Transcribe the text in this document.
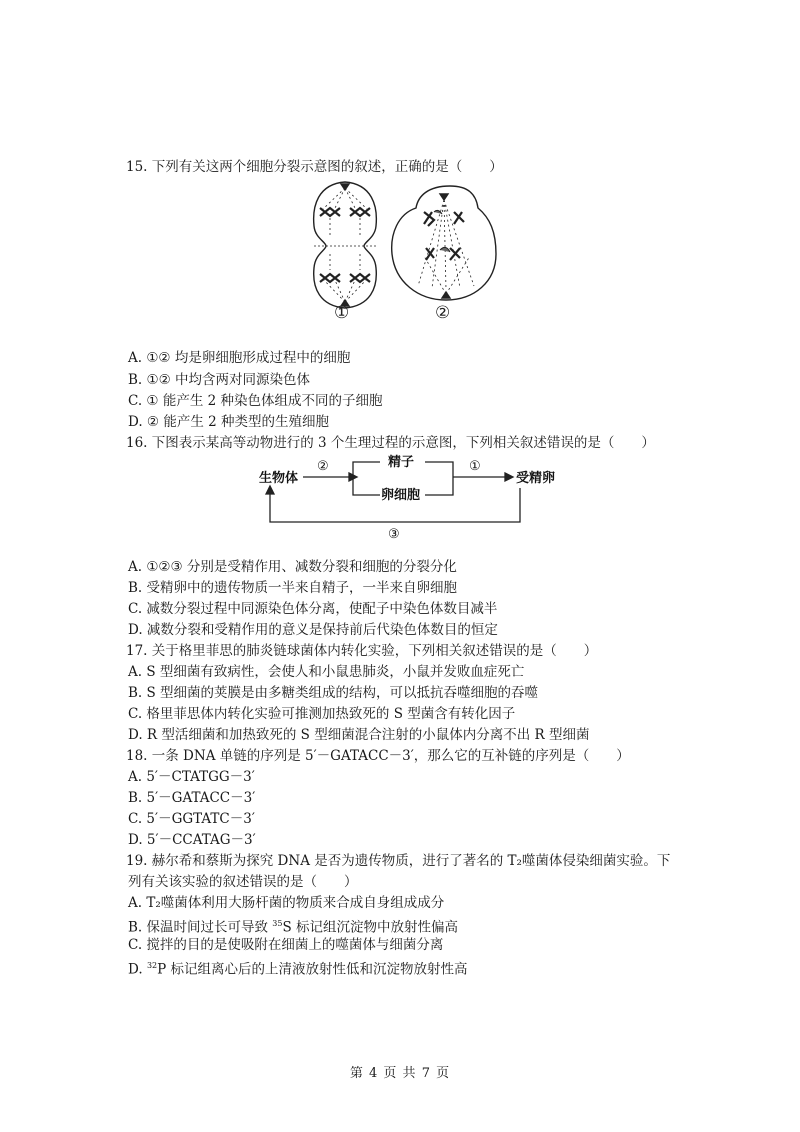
15. 下列有关这两个细胞分裂示意图的叙述，正确的是（　　）
①	②
A. ①② 均是卵细胞形成过程中的细胞
B. ①② 中均含两对同源染色体
C. ① 能产生 2 种染色体组成不同的子细胞
D. ② 能产生 2 种类型的生殖细胞
16. 下图表示某高等动物进行的 3 个生理过程的示意图，下列相关叙述错误的是（　　）
生物体
②	精子
卵细胞
①
受精卵
③
A. ①②③ 分别是受精作用、减数分裂和细胞的分裂分化
B. 受精卵中的遗传物质一半来自精子，一半来自卵细胞
C. 减数分裂过程中同源染色体分离，使配子中染色体数目减半
D. 减数分裂和受精作用的意义是保持前后代染色体数目的恒定
17. 关于格里菲思的肺炎链球菌体内转化实验，下列相关叙述错误的是（　　）
A. S 型细菌有致病性，会使人和小鼠患肺炎，小鼠并发败血症死亡
B. S 型细菌的荚膜是由多糖类组成的结构，可以抵抗吞噬细胞的吞噬
C. 格里菲思体内转化实验可推测加热致死的 S 型菌含有转化因子
D. R 型活细菌和加热致死的 S 型细菌混合注射的小鼠体内分离不出 R 型细菌
18. 一条 DNA 单链的序列是 5′－GATACC－3′，那么它的互补链的序列是（　　）
A. 5′－CTATGG－3′
B. 5′－GATACC－3′
C. 5′－GGTATC－3′
D. 5′－CCATAG－3′
19. 赫尔希和蔡斯为探究 DNA 是否为遗传物质，进行了著名的 T₂噬菌体侵染细菌实验。下
列有关该实验的叙述错误的是（　　）
A. T₂噬菌体利用大肠杆菌的物质来合成自身组成成分
B. 保温时间过长可导致 $^{35}$S 标记组沉淀物中放射性偏高
C. 搅拌的目的是使吸附在细菌上的噬菌体与细菌分离
D. $^{32}$P 标记组离心后的上清液放射性低和沉淀物放射性高
第 4 页 共 7 页
